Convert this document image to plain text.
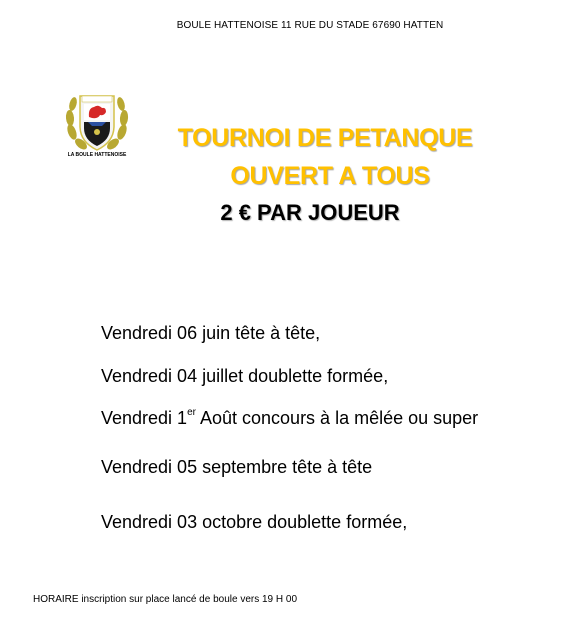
BOULE HATTENOISE 11 RUE DU STADE 67690 HATTEN
LA BOULE HATTENOISE
TOURNOI DE PETANQUE
OUVERT A TOUS
2 € PAR JOUEUR
Vendredi 06 juin tête à tête,
Vendredi 04 juillet doublette formée,
Vendredi 1er Août concours à la mêlée ou super
Vendredi 05 septembre tête à tête
Vendredi 03 octobre doublette formée,
HORAIRE inscription sur place lancé de boule vers 19 H 00
